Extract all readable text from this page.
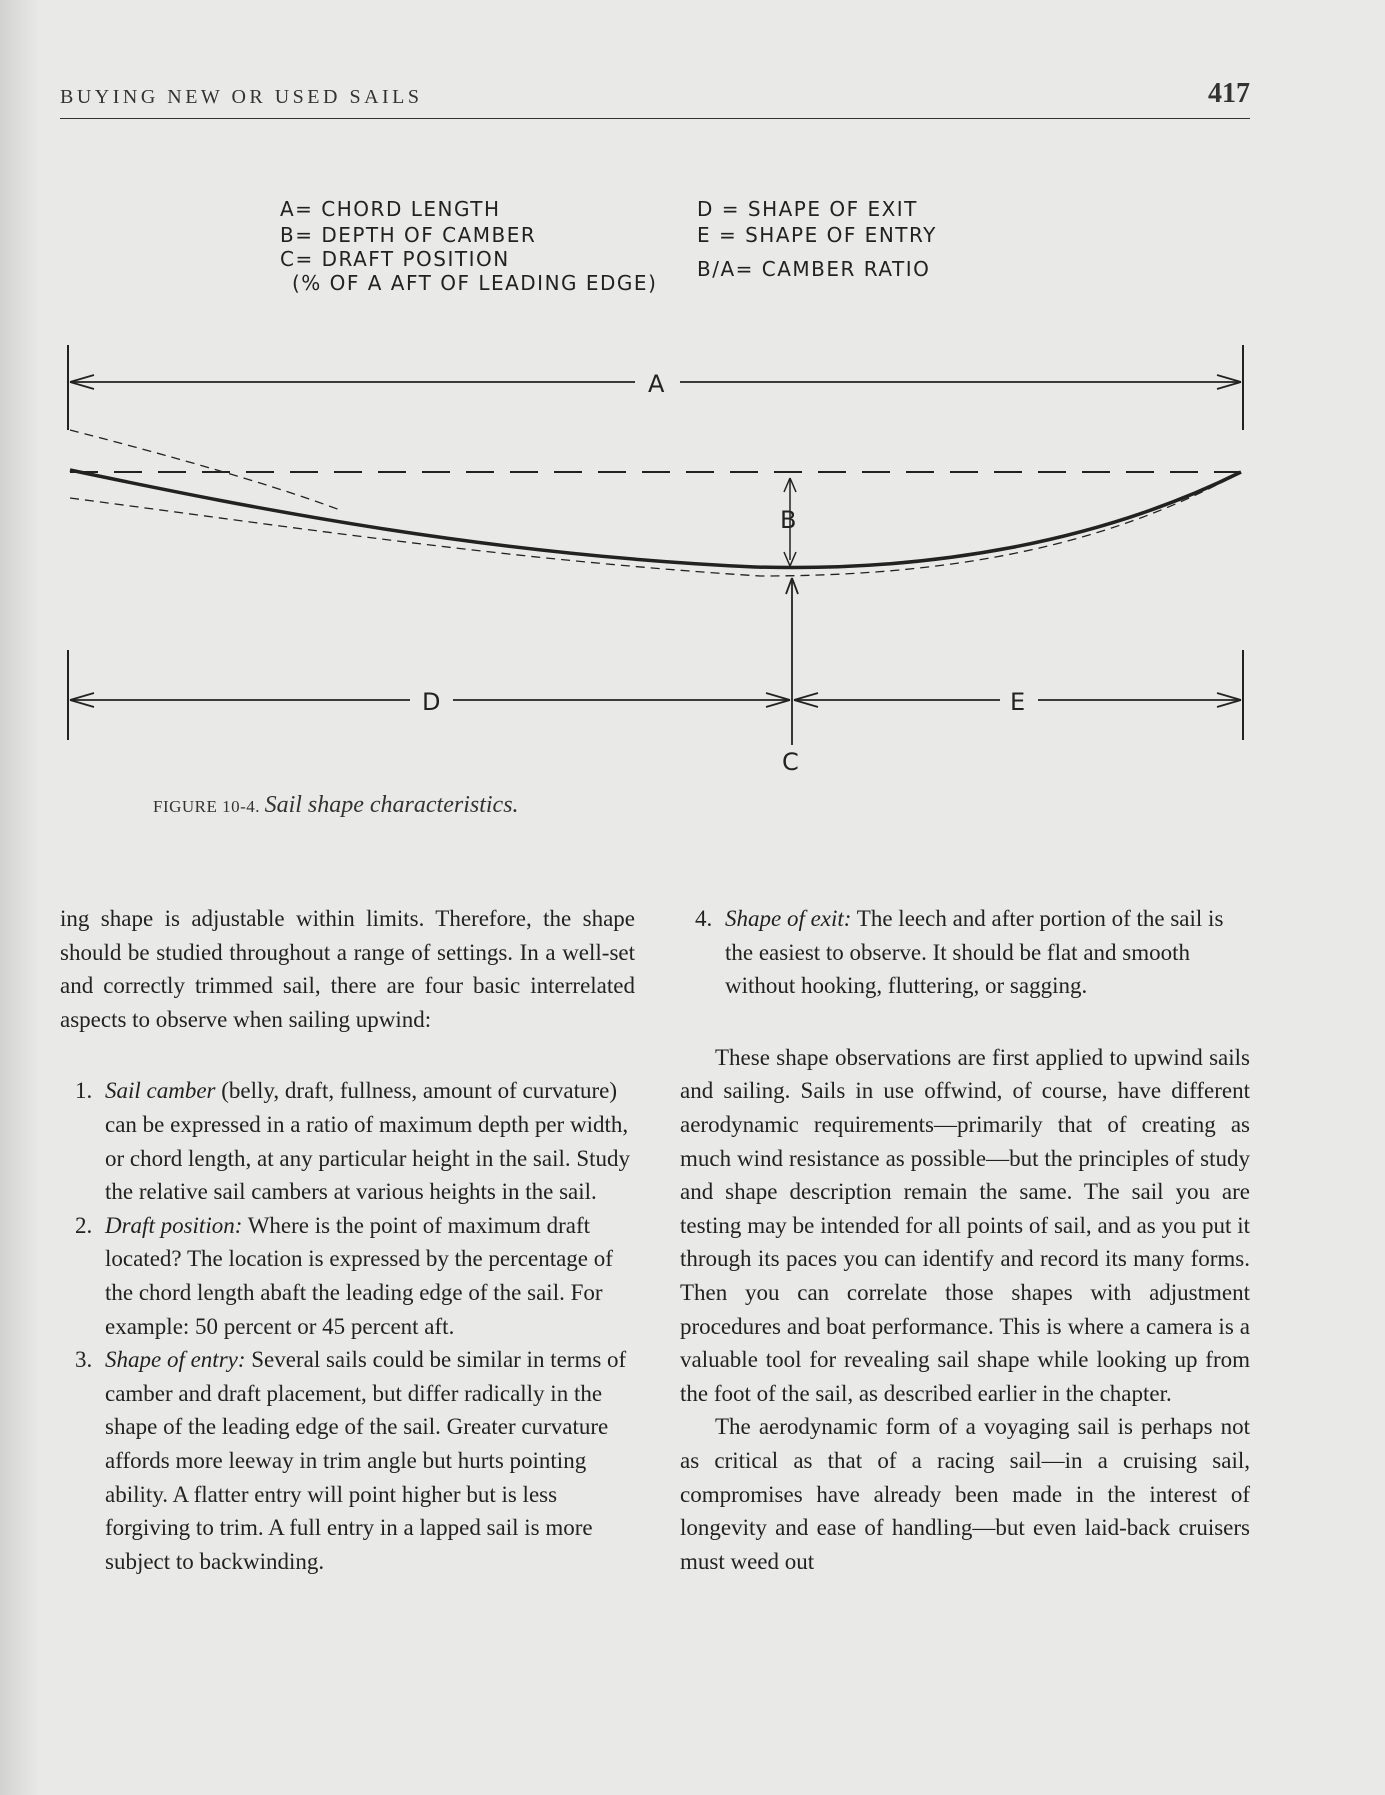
BUYING NEW OR USED SAILS	417
A= CHORD LENGTH
B= DEPTH OF CAMBER
C= DRAFT POSITION
(% OF A AFT OF LEADING EDGE)
D = SHAPE OF EXIT
E = SHAPE OF ENTRY
B/A= CAMBER RATIO
A
B
C
D	E
FIGURE 10-4. Sail shape characteristics.

ing shape is adjustable within limits. Therefore, the shape should be studied throughout a range of settings. In a well-set and correctly trimmed sail, there are four basic interrelated aspects to observe when sailing upwind:

1. Sail camber (belly, draft, fullness, amount of curvature) can be expressed in a ratio of maximum depth per width, or chord length, at any particular height in the sail. Study the relative sail cambers at various heights in the sail.
2. Draft position: Where is the point of maximum draft located? The location is expressed by the percentage of the chord length abaft the leading edge of the sail. For example: 50 percent or 45 percent aft.
3. Shape of entry: Several sails could be similar in terms of camber and draft placement, but differ radically in the shape of the leading edge of the sail. Greater curvature affords more leeway in trim angle but hurts pointing ability. A flatter entry will point higher but is less forgiving to trim. A full entry in a lapped sail is more subject to backwinding.
4. Shape of exit: The leech and after portion of the sail is the easiest to observe. It should be flat and smooth without hooking, fluttering, or sagging.

These shape observations are first applied to upwind sails and sailing. Sails in use offwind, of course, have different aerodynamic requirements—primarily that of creating as much wind resistance as possible—but the principles of study and shape description remain the same. The sail you are testing may be intended for all points of sail, and as you put it through its paces you can identify and record its many forms. Then you can correlate those shapes with adjustment procedures and boat performance. This is where a camera is a valuable tool for revealing sail shape while looking up from the foot of the sail, as described earlier in the chapter.

The aerodynamic form of a voyaging sail is perhaps not as critical as that of a racing sail—in a cruising sail, compromises have already been made in the interest of longevity and ease of handling—but even laid-back cruisers must weed out
